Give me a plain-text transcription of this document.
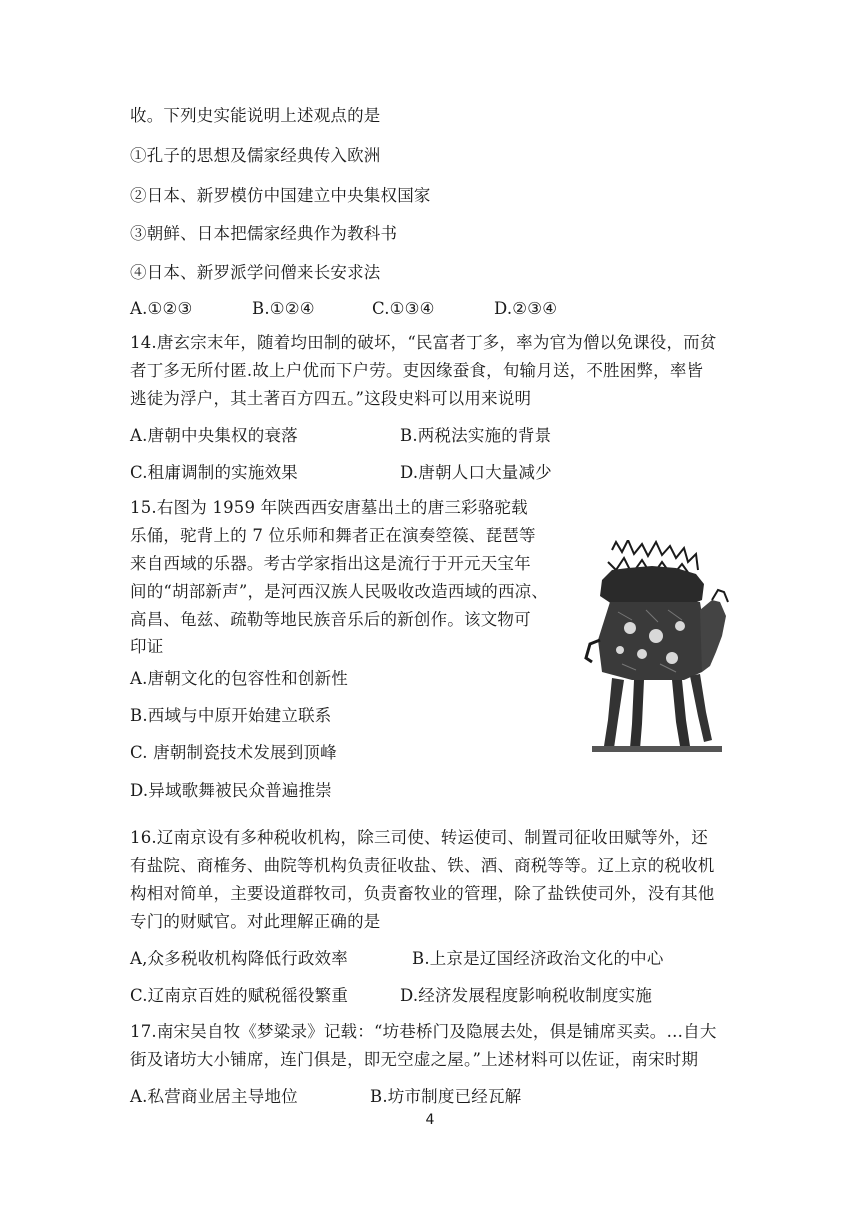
收。下列史实能说明上述观点的是
①孔子的思想及儒家经典传入欧洲
②日本、新罗模仿中国建立中央集权国家
③朝鲜、日本把儒家经典作为教科书
④日本、新罗派学问僧来长安求法
A.①②③	B.①②④	C.①③④	D.②③④
14.唐玄宗末年，随着均田制的破坏，“民富者丁多，率为官为僧以免课役，而贫
者丁多无所付匿.故上户优而下户劳。吏因缘蚕食，旬输月送，不胜困弊，率皆
逃徒为浮户，其土著百方四五。”这段史料可以用来说明
A.唐朝中央集权的衰落	B.两税法实施的背景
C.租庸调制的实施效果	D.唐朝人口大量减少
15.右图为 1959 年陕西西安唐墓出土的唐三彩骆驼载
乐俑，驼背上的 7 位乐师和舞者正在演奏箜篌、琵琶等
来自西域的乐器。考古学家指出这是流行于开元天宝年
间的“胡部新声”，是河西汉族人民吸收改造西域的西凉、
高昌、龟兹、疏勒等地民族音乐后的新创作。该文物可
印证
A.唐朝文化的包容性和创新性
B.西域与中原开始建立联系
C. 唐朝制瓷技术发展到顶峰
D.异域歌舞被民众普遍推崇
16.辽南京设有多种税收机构，除三司使、转运使司、制置司征收田赋等外，还
有盐院、商榷务、曲院等机构负责征收盐、铁、酒、商税等等。辽上京的税收机
构相对简单，主要设道群牧司，负责畜牧业的管理，除了盐铁使司外，没有其他
专门的财赋官。对此理解正确的是
A,众多税收机构降低行政效率	B.上京是辽国经济政治文化的中心
C.辽南京百姓的赋税徭役繁重	D.经济发展程度影响税收制度实施
17.南宋吴自牧《梦粱录》记载：“坊巷桥门及隐展去处，俱是铺席买卖。…自大
街及诸坊大小铺席，连门俱是，即无空虚之屋。”上述材料可以佐证，南宋时期
A.私营商业居主导地位	B.坊市制度已经瓦解
4
